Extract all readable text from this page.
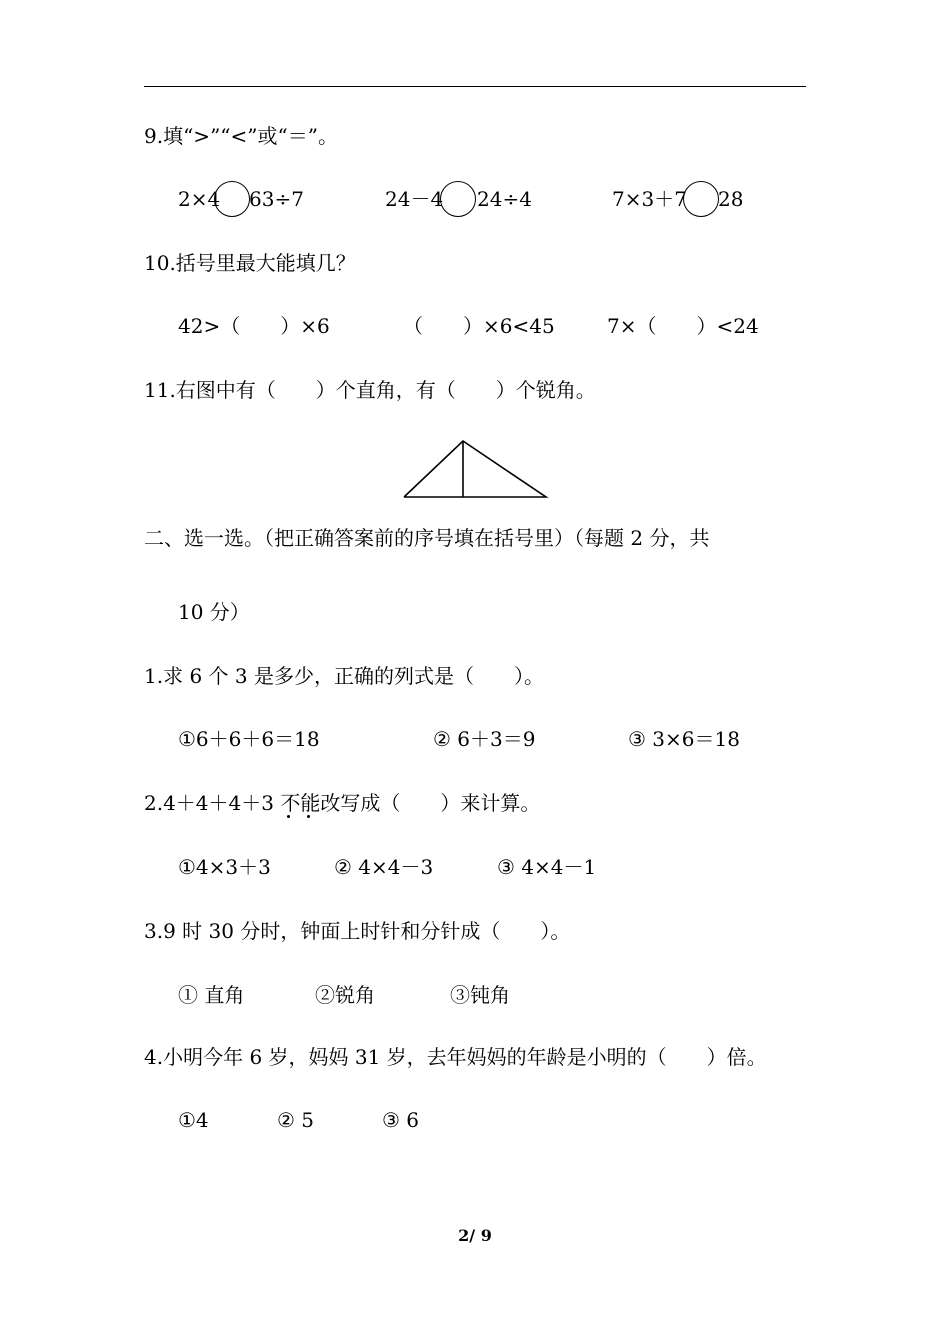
9.填“>”“<”或“＝”。
2×4 63÷7	24－4 24÷4	7×3＋7 28
10.括号里最大能填几？
42>（　　）×6	（　　）×6<45	7×（　　）<24
11.右图中有（　　）个直角，有（　　）个锐角。
二、选一选。（把正确答案前的序号填在括号里）（每题 2 分，共
10 分）
1.求 6 个 3 是多少，正确的列式是（　　）。
①6＋6＋6＝18	② 6＋3＝9	③ 3×6＝18
2.4＋4＋4＋3 不能改写成（　　）来计算。
①4×3＋3	② 4×4－3	③ 4×4－1
3.9 时 30 分时，钟面上时针和分针成（　　）。
① 直角	②锐角	③钝角
4.小明今年 6 岁，妈妈 31 岁，去年妈妈的年龄是小明的（　　）倍。
①4	② 5	③ 6
2/ 9
